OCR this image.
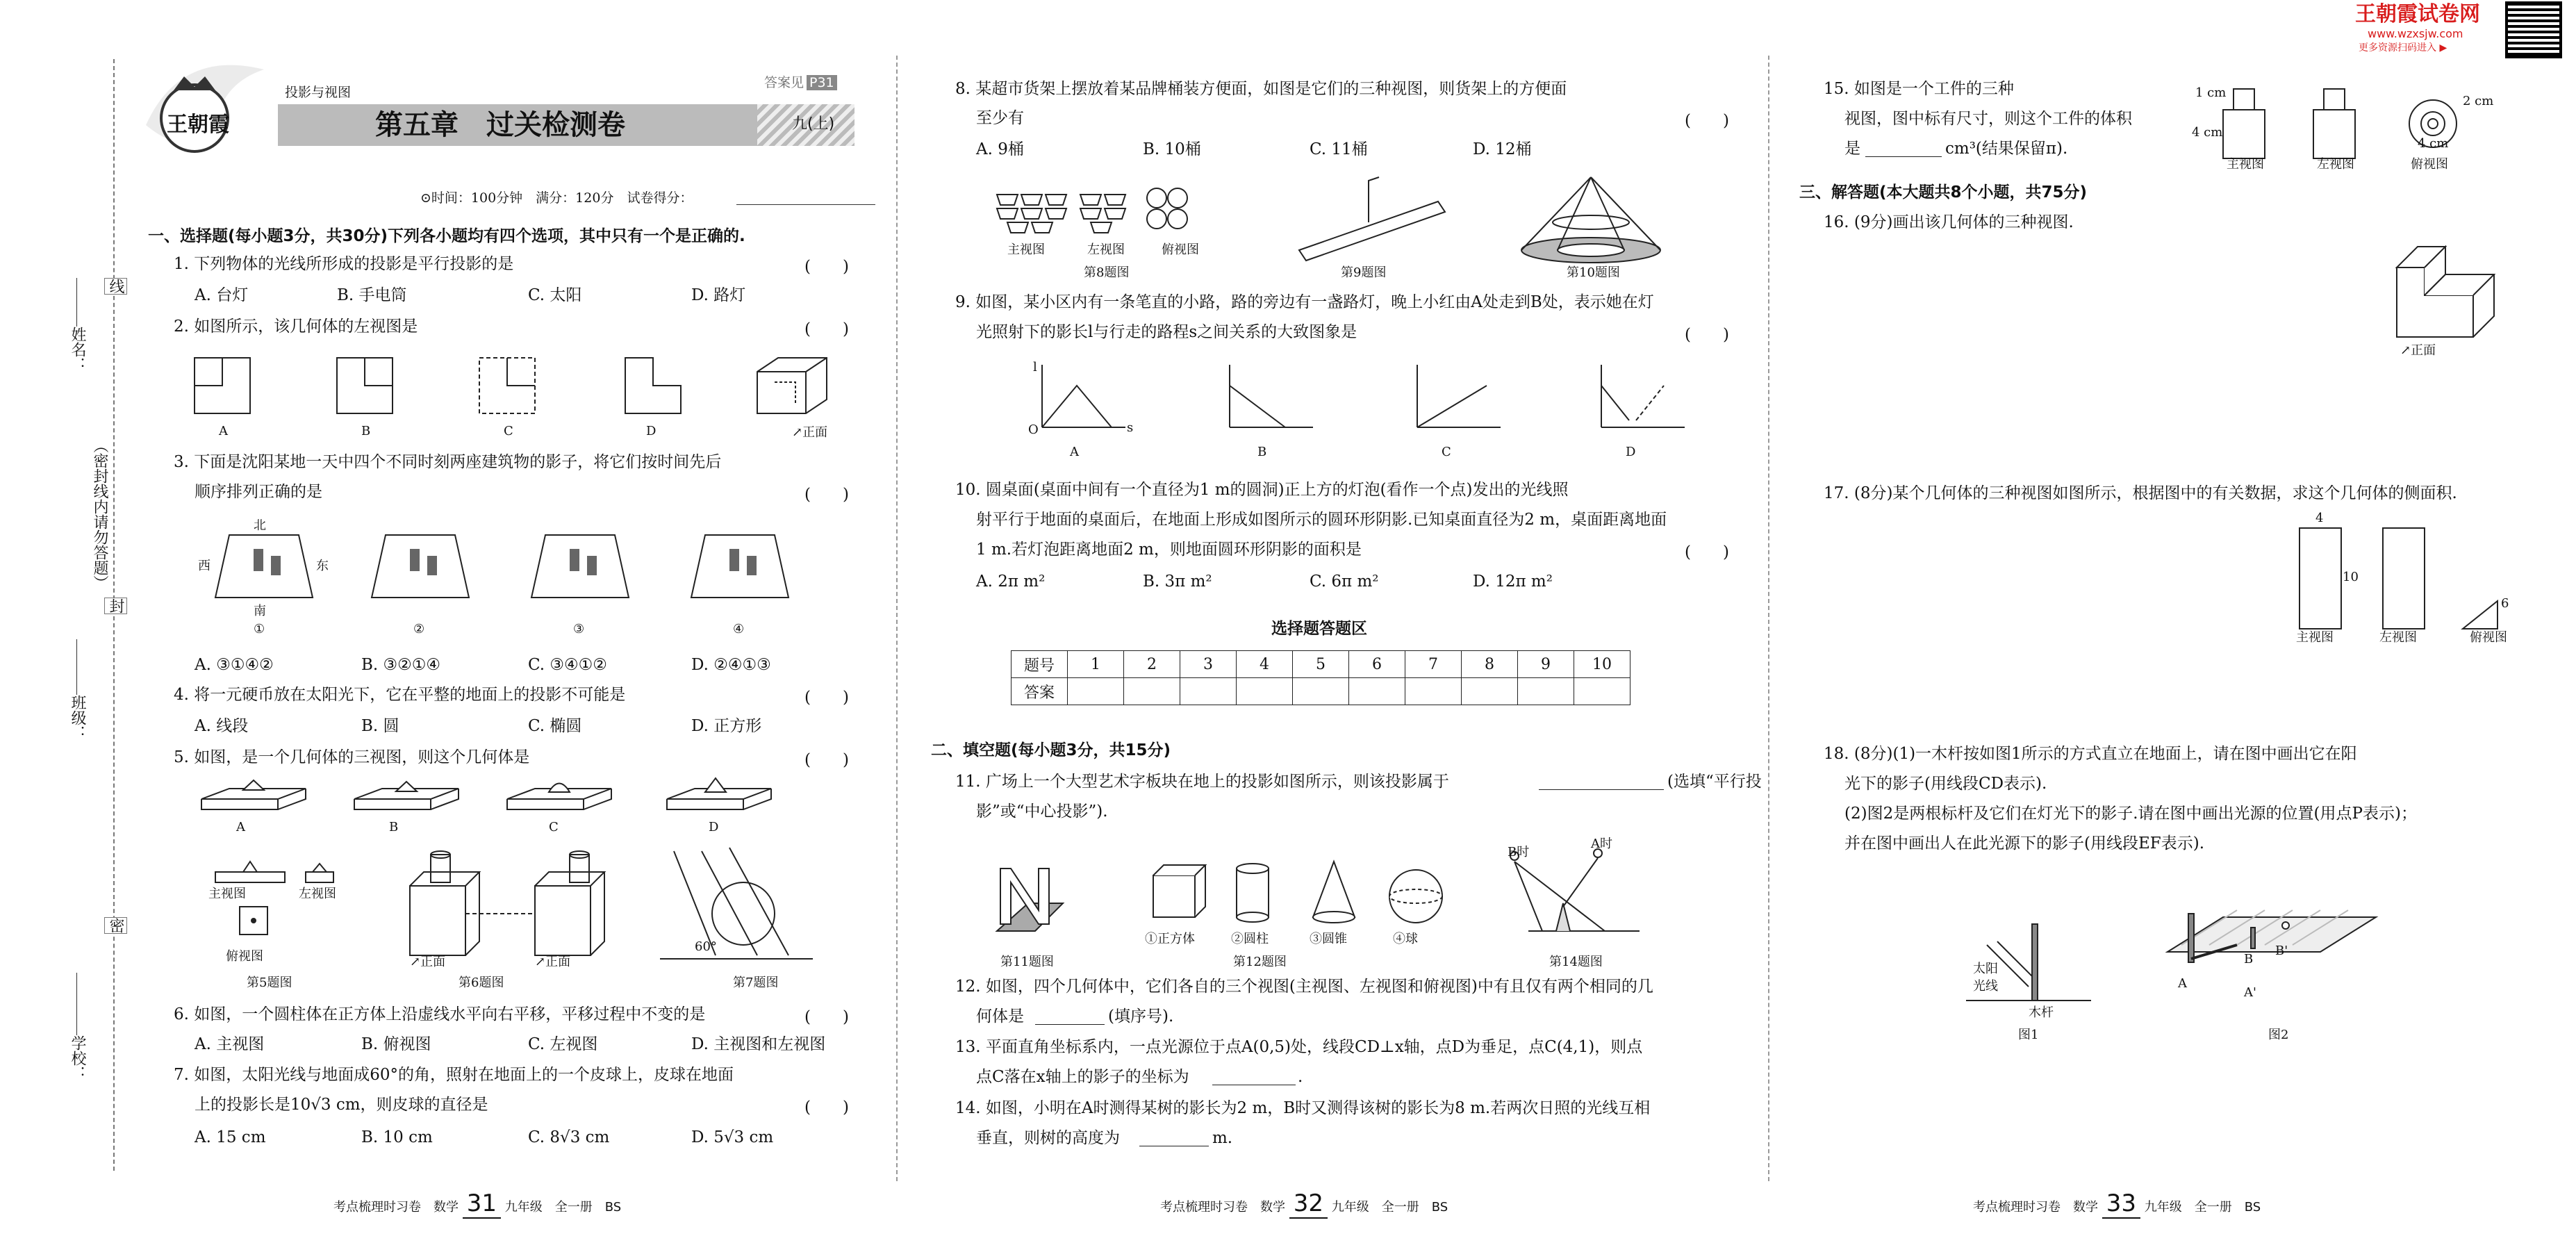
王朝霞
投影与视图
答案见 P31
第五章　过关检测卷	九(上)
⊙时间：100分钟　满分：120分　试卷得分：
王朝霞试卷网
www.wzxsjw.com
更多资源扫码进入 ▶
姓名：
班级：
学校：
（密封线内请勿答题）
线
封
密
一、选择题(每小题3分，共30分)下列各小题均有四个选项，其中只有一个是正确的.
1. 下列物体的光线所形成的投影是平行投影的是	(　　)
A. 台灯	B. 手电筒	C. 太阳	D. 路灯
2. 如图所示，该几何体的左视图是	(　　)
A	B	C	D	↗正面
3. 下面是沈阳某地一天中四个不同时刻两座建筑物的影子，将它们按时间先后
顺序排列正确的是	(　　)
北
南
西	东
①	②	③	④
A. ③①④②	B. ③②①④	C. ③④①②	D. ②④①③
4. 将一元硬币放在太阳光下，它在平整的地面上的投影不可能是	(　　)
A. 线段	B. 圆	C. 椭圆	D. 正方形
5. 如图，是一个几何体的三视图，则这个几何体是	(　　)
A	B	C	D
主视图	左视图
俯视图
第5题图
↗正面	↗正面
第6题图
60°
第7题图
6. 如图，一个圆柱体在正方体上沿虚线水平向右平移，平移过程中不变的是	(　　)
A. 主视图	B. 俯视图	C. 左视图	D. 主视图和左视图
7. 如图，太阳光线与地面成60°的角，照射在地面上的一个皮球上，皮球在地面
上的投影长是10√3 cm，则皮球的直径是	(　　)
A. 15 cm	B. 10 cm	C. 8√3 cm	D. 5√3 cm
考点梳理时习卷　数学 31 九年级　全一册　BS
8. 某超市货架上摆放着某品牌桶装方便面，如图是它们的三种视图，则货架上的方便面
至少有	(　　)
A. 9桶	B. 10桶	C. 11桶	D. 12桶
主视图	左视图	俯视图
第8题图	第9题图	第10题图
9. 如图，某小区内有一条笔直的小路，路的旁边有一盏路灯，晚上小红由A处走到B处，表示她在灯
光照射下的影长l与行走的路程s之间关系的大致图象是	(　　)
A	B	C	D
l
O	s
10. 圆桌面(桌面中间有一个直径为1 m的圆洞)正上方的灯泡(看作一个点)发出的光线照
射平行于地面的桌面后，在地面上形成如图所示的圆环形阴影.已知桌面直径为2 m，桌面距离地面
1 m.若灯泡距离地面2 m，则地面圆环形阴影的面积是	(　　)
A. 2π m²	B. 3π m²	C. 6π m²	D. 12π m²
选择题答题区
题号	1	2	3	4	5	6	7	8	9	10
答案										
二、填空题(每小题3分，共15分)
11. 广场上一个大型艺术字板块在地上的投影如图所示，则该投影属于	(选填“平行投
影”或“中心投影”).
第11题图
①正方体	②圆柱	③圆锥	④球
第12题图
B时
A时
第14题图
12. 如图，四个几何体中，它们各自的三个视图(主视图、左视图和俯视图)中有且仅有两个相同的几
何体是	(填序号).
13. 平面直角坐标系内，一点光源位于点A(0,5)处，线段CD⊥x轴，点D为垂足，点C(4,1)，则点
点C落在x轴上的影子的坐标为	.
14. 如图，小明在A时测得某树的影长为2 m，B时又测得该树的影长为8 m.若两次日照的光线互相
垂直，则树的高度为	m.
考点梳理时习卷　数学 32 九年级　全一册　BS
15. 如图是一个工件的三种
视图，图中标有尺寸，则这个工件的体积
是	cm³(结果保留π).
1 cm
4 cm
4 cm
2 cm
主视图	左视图	俯视图
三、解答题(本大题共8个小题，共75分)
16. (9分)画出该几何体的三种视图.
↗正面
17. (8分)某个几何体的三种视图如图所示，根据图中的有关数据，求这个几何体的侧面积.
4
10
6
主视图	左视图	俯视图
18. (8分)(1)一木杆按如图1所示的方式直立在地面上，请在图中画出它在阳
光下的影子(用线段CD表示).
(2)图2是两根标杆及它们在灯光下的影子.请在图中画出光源的位置(用点P表示)；
并在图中画出人在此光源下的影子(用线段EF表示).
太阳
光线
木杆
A
B
A'
B'
图1	图2
考点梳理时习卷　数学 33 九年级　全一册　BS
